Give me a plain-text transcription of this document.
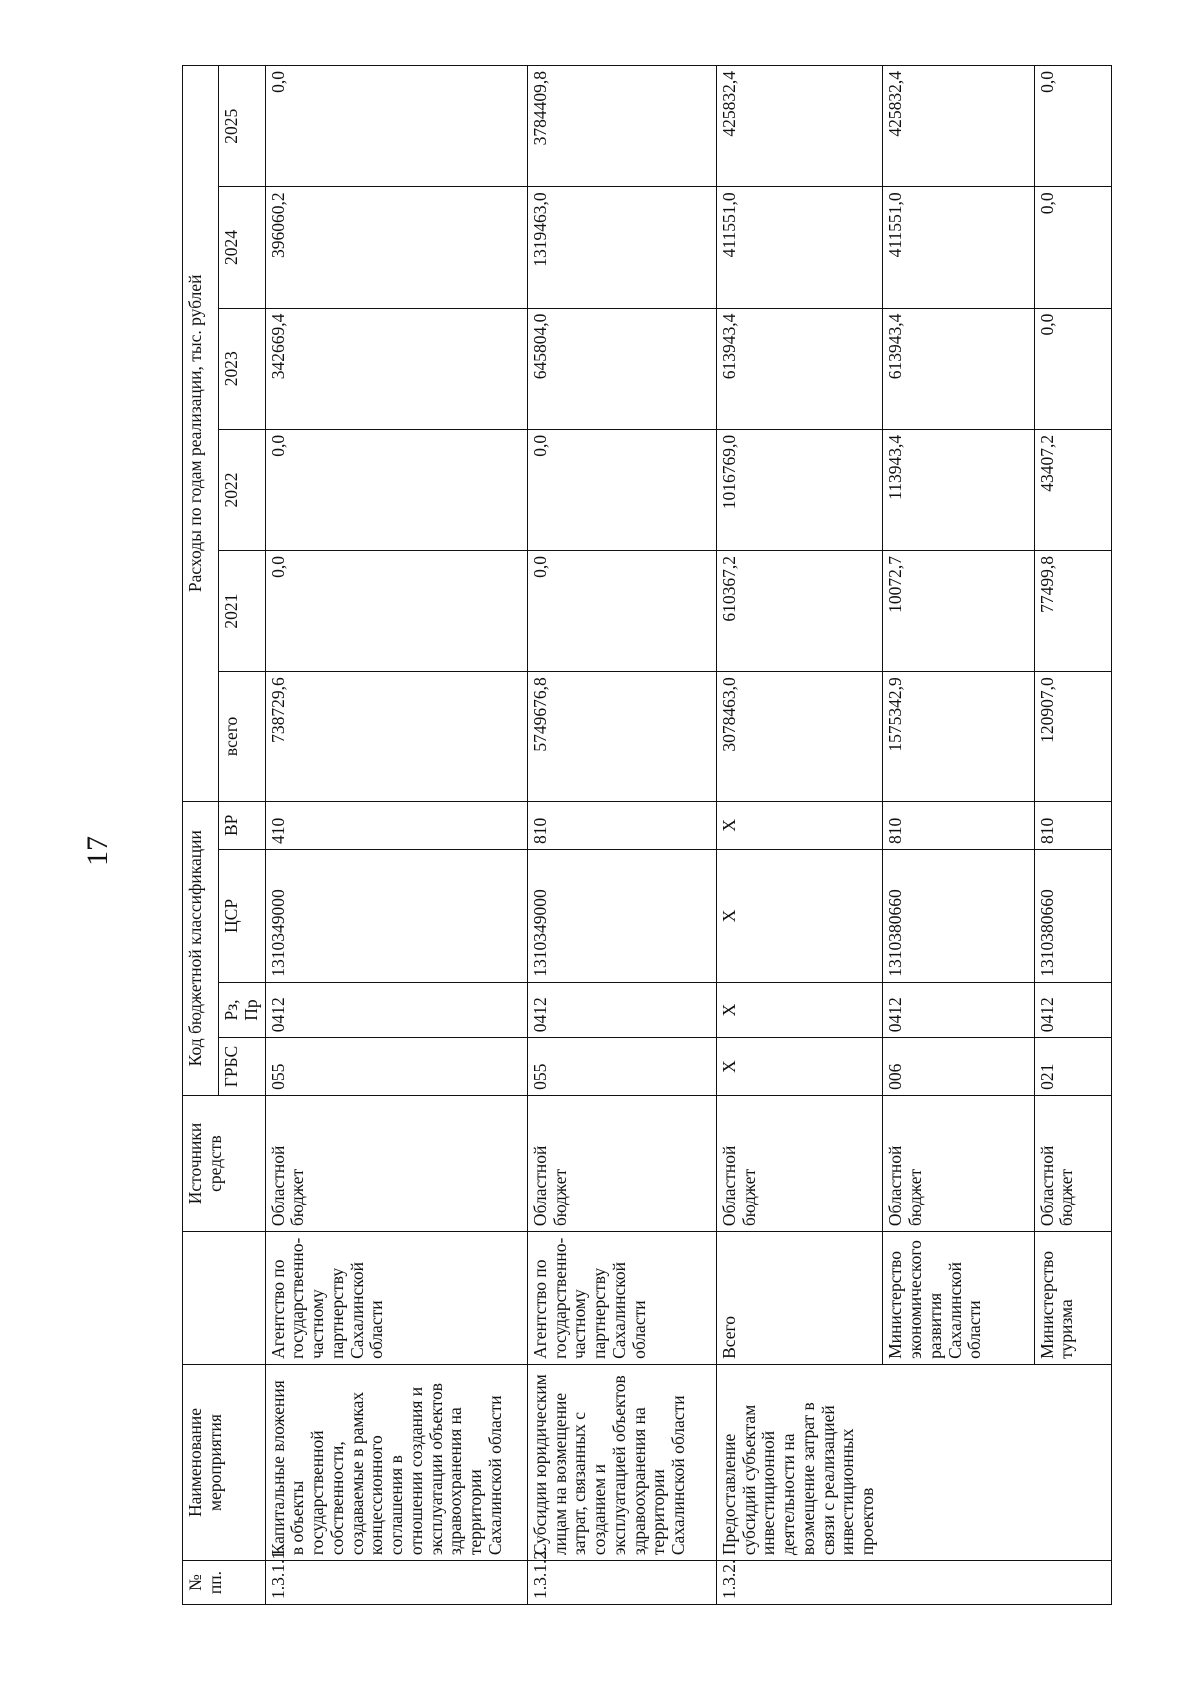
17
№ пп.	Наименование мероприятия		Источники средств	Код бюджетной классификации				Расходы по годам реализации, тыс. рублей					
				ГРБС	Рз, Пр	ЦСР	ВР	всего	2021	2022	2023	2024	2025
1.3.1.1.	Капитальные вложения в объекты государственной собственности, создаваемые в рамках концессионного соглашения в отношении создания и эксплуатации объектов здравоохранения на территории Сахалинской области	Агентство по государственно-частному партнерству Сахалинской области	Областной бюджет	055	0412	1310349000	410	738729,6	0,0	0,0	342669,4	396060,2	0,0
1.3.1.2.	Субсидии юридическим лицам на возмещение затрат, связанных с созданием и эксплуатацией объектов здравоохранения на территории Сахалинской области	Агентство по государственно-частному партнерству Сахалинской области	Областной бюджет	055	0412	1310349000	810	5749676,8	0,0	0,0	645804,0	1319463,0	3784409,8
1.3.2.	Предоставление субсидий субъектам инвестиционной деятельности на возмещение затрат в связи с реализацией инвестиционных проектов	Всего	Областной бюджет	X	X	X	X	3078463,0	610367,2	1016769,0	613943,4	411551,0	425832,4
		Министерство экономического развития Сахалинской области	Областной бюджет	006	0412	1310380660	810	1575342,9	10072,7	113943,4	613943,4	411551,0	425832,4
		Министерство туризма	Областной бюджет	021	0412	1310380660	810	120907,0	77499,8	43407,2	0,0	0,0	0,0
